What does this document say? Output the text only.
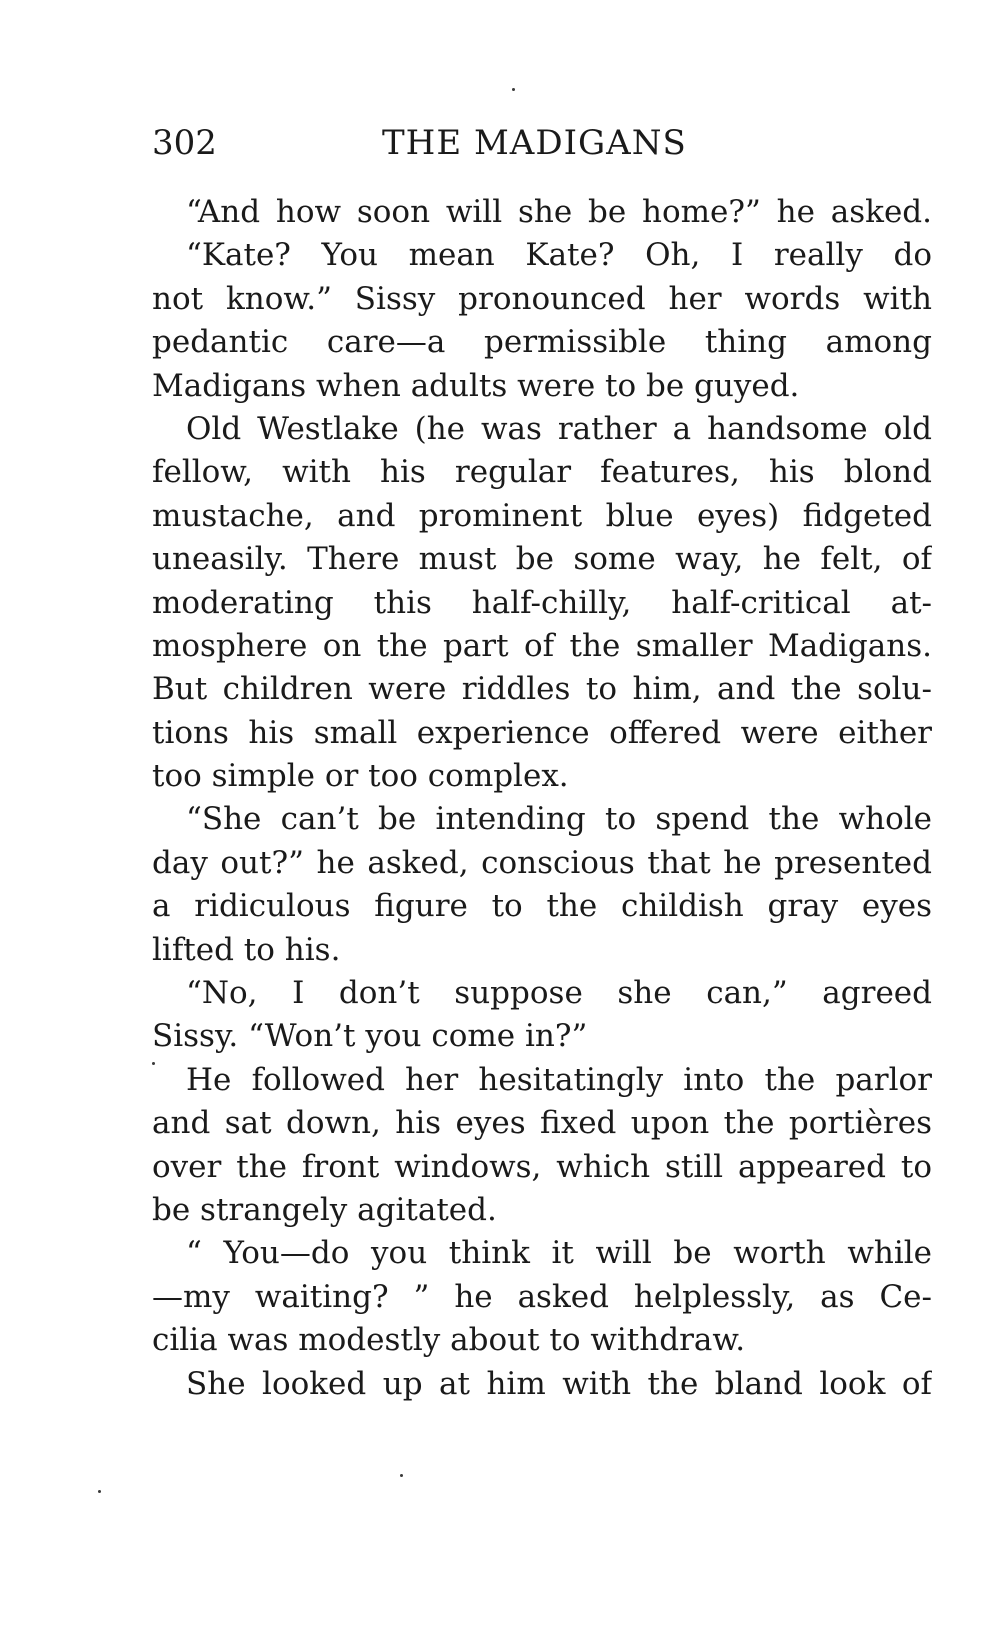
302	THE MADIGANS
“And how soon will she be home?” he asked.
“Kate? You mean Kate? Oh, I really do
not know.” Sissy pronounced her words with
pedantic care—a permissible thing among
Madigans when adults were to be guyed.
Old Westlake (he was rather a handsome old
fellow, with his regular features, his blond
mustache, and prominent blue eyes) fidgeted
uneasily. There must be some way, he felt, of
moderating this half-chilly, half-critical at-
mosphere on the part of the smaller Madigans.
But children were riddles to him, and the solu-
tions his small experience offered were either
too simple or too complex.
“She can’t be intending to spend the whole
day out?” he asked, conscious that he presented
a ridiculous figure to the childish gray eyes
lifted to his.
“No, I don’t suppose she can,” agreed
Sissy. “Won’t you come in?”
He followed her hesitatingly into the parlor
and sat down, his eyes fixed upon the portières
over the front windows, which still appeared to
be strangely agitated.
“ You—do you think it will be worth while
—my waiting? ” he asked helplessly, as Ce-
cilia was modestly about to withdraw.
She looked up at him with the bland look of
